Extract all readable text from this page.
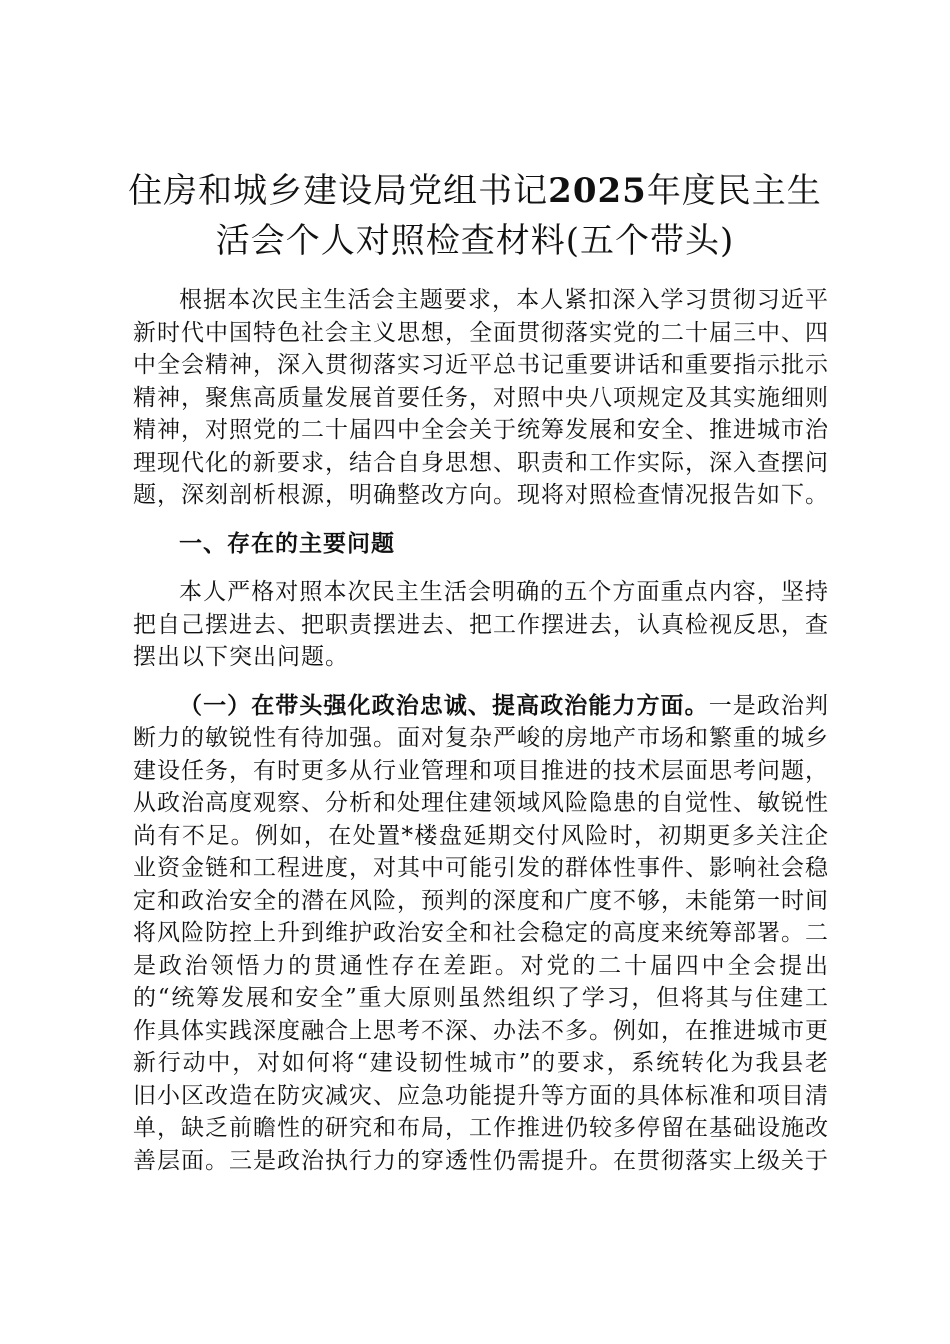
住房和城乡建设局党组书记2025年度民主生
活会个人对照检查材料(五个带头)

根据本次民主生活会主题要求，本人紧扣深入学习贯彻习近平新时代中国特色社会主义思想，全面贯彻落实党的二十届三中、四中全会精神，深入贯彻落实习近平总书记重要讲话和重要指示批示精神，聚焦高质量发展首要任务，对照中央八项规定及其实施细则精神，对照党的二十届四中全会关于统筹发展和安全、推进城市治理现代化的新要求，结合自身思想、职责和工作实际，深入查摆问题，深刻剖析根源，明确整改方向。现将对照检查情况报告如下。

一、存在的主要问题

本人严格对照本次民主生活会明确的五个方面重点内容，坚持把自己摆进去、把职责摆进去、把工作摆进去，认真检视反思，查摆出以下突出问题。

（一）在带头强化政治忠诚、提高政治能力方面。一是政治判断力的敏锐性有待加强。面对复杂严峻的房地产市场和繁重的城乡建设任务，有时更多从行业管理和项目推进的技术层面思考问题，从政治高度观察、分析和处理住建领域风险隐患的自觉性、敏锐性尚有不足。例如，在处置*楼盘延期交付风险时，初期更多关注企业资金链和工程进度，对其中可能引发的群体性事件、影响社会稳定和政治安全的潜在风险，预判的深度和广度不够，未能第一时间将风险防控上升到维护政治安全和社会稳定的高度来统筹部署。二是政治领悟力的贯通性存在差距。对党的二十届四中全会提出的“统筹发展和安全”重大原则虽然组织了学习，但将其与住建工作具体实践深度融合上思考不深、办法不多。例如，在推进城市更新行动中，对如何将“建设韧性城市”的要求，系统转化为我县老旧小区改造在防灾减灾、应急功能提升等方面的具体标准和项目清单，缺乏前瞻性的研究和布局，工作推进仍较多停留在基础设施改善层面。三是政治执行力的穿透性仍需提升。在贯彻落实上级关于
